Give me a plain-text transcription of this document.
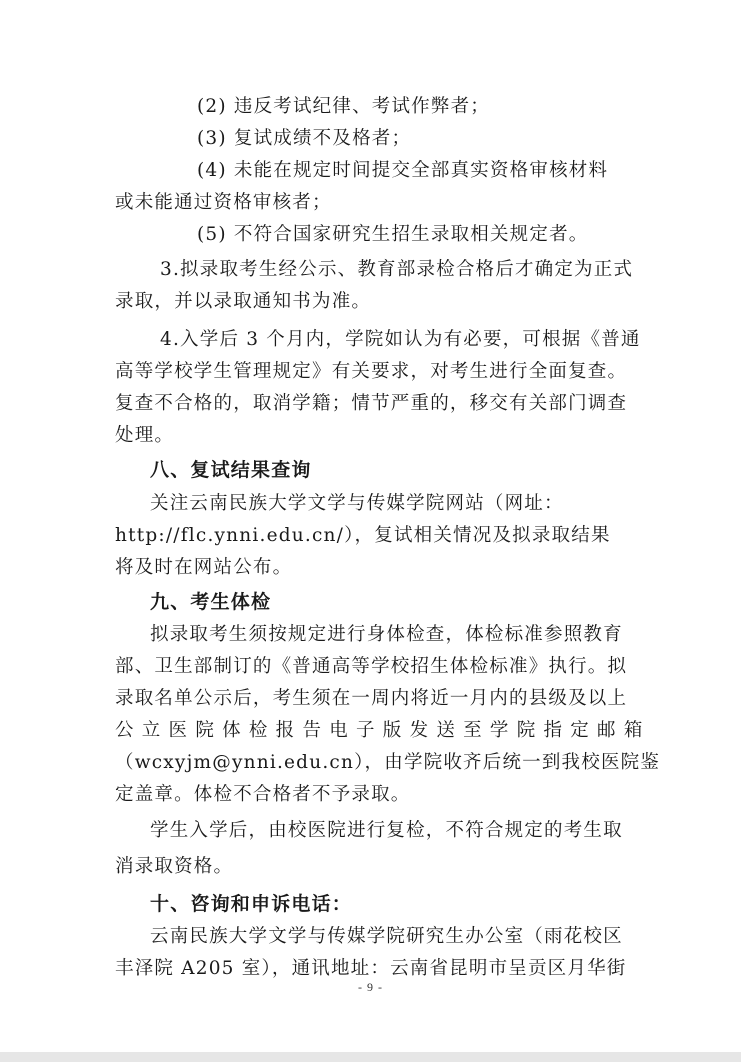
(2) 违反考试纪律、考试作弊者；
(3) 复试成绩不及格者；
(4) 未能在规定时间提交全部真实资格审核材料
或未能通过资格审核者；
(5) 不符合国家研究生招生录取相关规定者。
3.拟录取考生经公示、教育部录检合格后才确定为正式
录取，并以录取通知书为准。
4.入学后 3 个月内，学院如认为有必要，可根据《普通
高等学校学生管理规定》有关要求，对考生进行全面复查。
复查不合格的，取消学籍；情节严重的，移交有关部门调查
处理。
八、复试结果查询
关注云南民族大学文学与传媒学院网站（网址：
http://flc.ynni.edu.cn/），复试相关情况及拟录取结果
将及时在网站公布。
九、考生体检
拟录取考生须按规定进行身体检查，体检标准参照教育
部、卫生部制订的《普通高等学校招生体检标准》执行。拟
录取名单公示后，考生须在一周内将近一月内的县级及以上
公 立 医 院 体 检 报 告 电 子 版 发 送 至 学 院 指 定 邮 箱
（wcxyjm@ynni.edu.cn），由学院收齐后统一到我校医院鉴
定盖章。体检不合格者不予录取。
学生入学后，由校医院进行复检，不符合规定的考生取
消录取资格。
十、咨询和申诉电话：
云南民族大学文学与传媒学院研究生办公室（雨花校区
丰泽院 A205 室），通讯地址：云南省昆明市呈贡区月华街
- 9 -
